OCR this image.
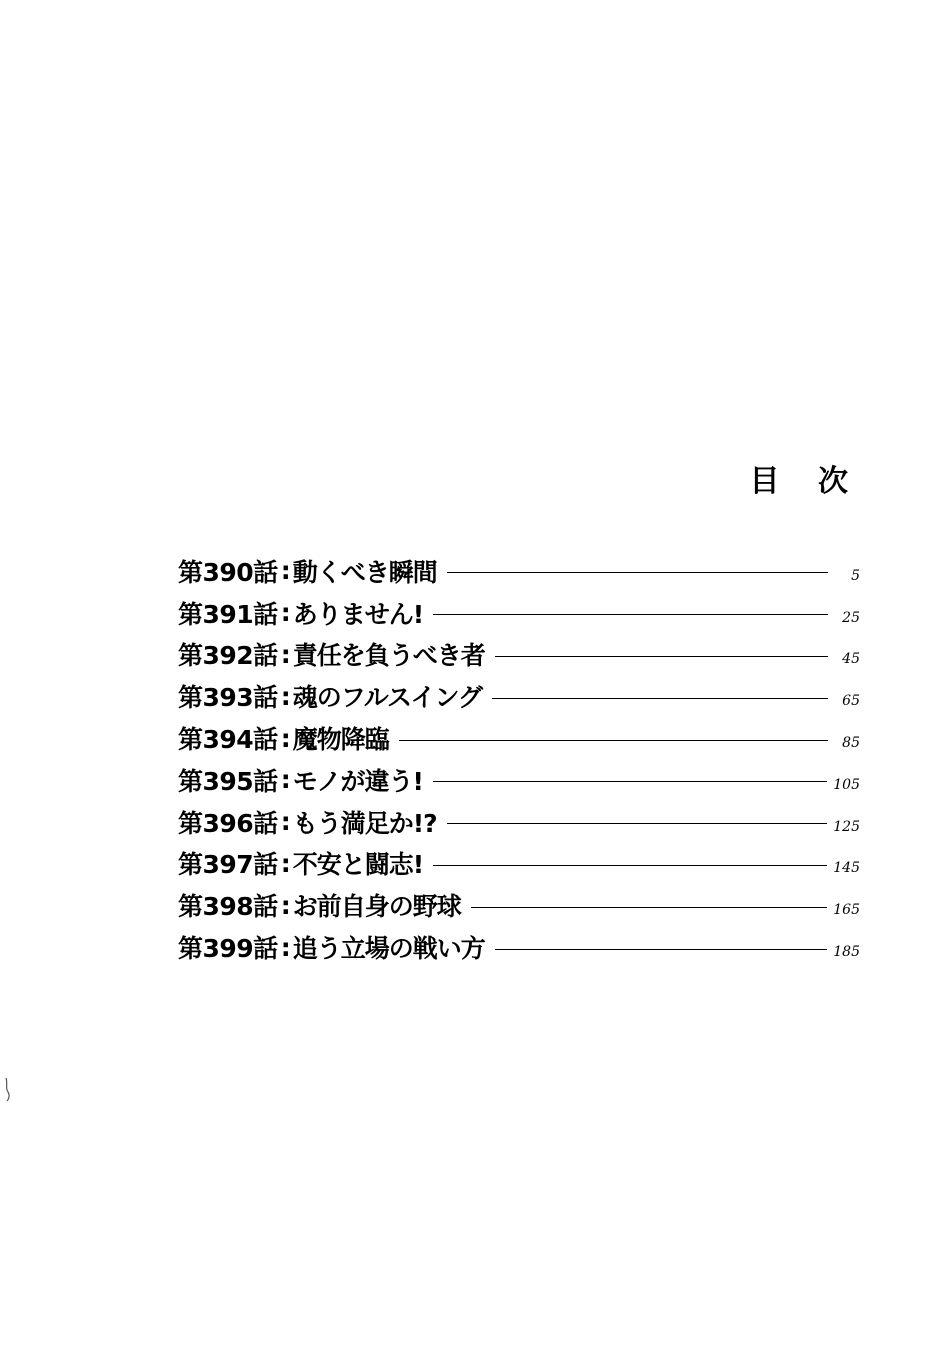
目 次
第390話 : 動くべき瞬間	5
第391話 : ありません!	25
第392話 : 責任を負うべき者	45
第393話 : 魂のフルスイング	65
第394話 : 魔物降臨	85
第395話 : モノが違う!	105
第396話 : もう満足か!?	125
第397話 : 不安と闘志!	145
第398話 : お前自身の野球	165
第399話 : 追う立場の戦い方	185
